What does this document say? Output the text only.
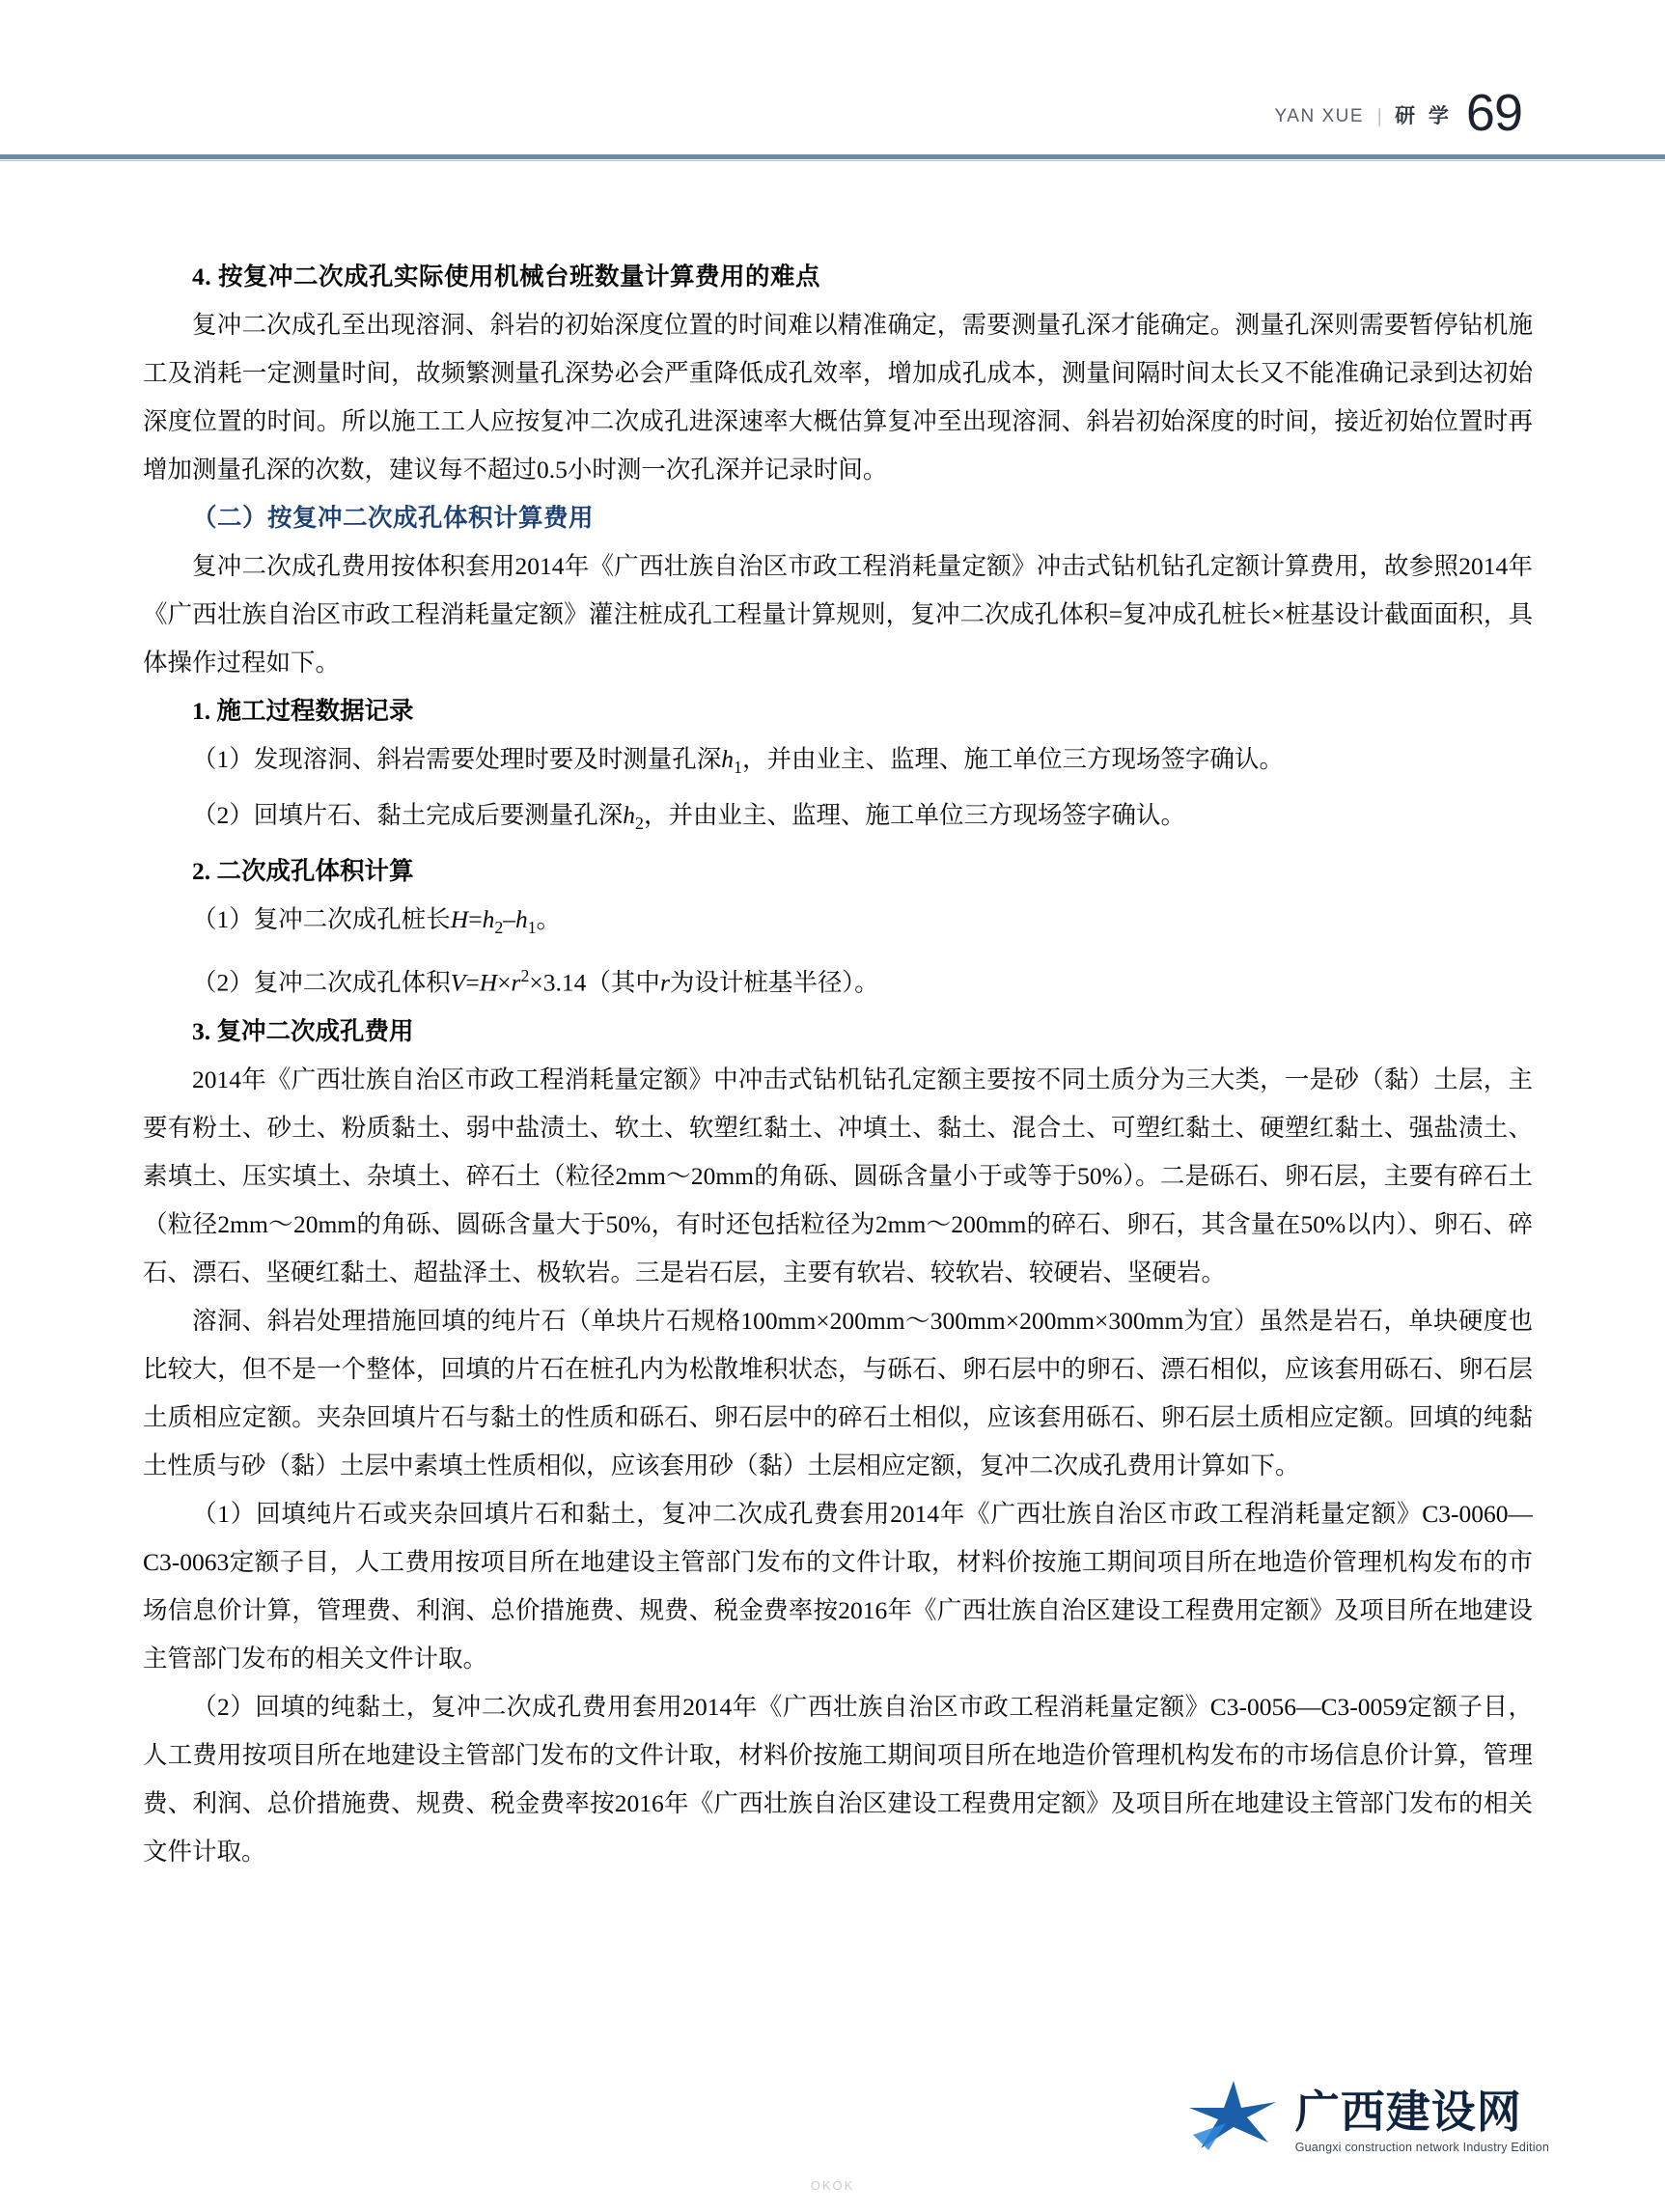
YAN XUE | 研 学 69

4. 按复冲二次成孔实际使用机械台班数量计算费用的难点

复冲二次成孔至出现溶洞、斜岩的初始深度位置的时间难以精准确定，需要测量孔深才能确定。测量孔深则需要暂停钻机施工及消耗一定测量时间，故频繁测量孔深势必会严重降低成孔效率，增加成孔成本，测量间隔时间太长又不能准确记录到达初始深度位置的时间。所以施工工人应按复冲二次成孔进深速率大概估算复冲至出现溶洞、斜岩初始深度的时间，接近初始位置时再增加测量孔深的次数，建议每不超过0.5小时测一次孔深并记录时间。

（二）按复冲二次成孔体积计算费用

复冲二次成孔费用按体积套用2014年《广西壮族自治区市政工程消耗量定额》冲击式钻机钻孔定额计算费用，故参照2014年《广西壮族自治区市政工程消耗量定额》灌注桩成孔工程量计算规则，复冲二次成孔体积=复冲成孔桩长×桩基设计截面面积，具体操作过程如下。

1. 施工过程数据记录

（1）发现溶洞、斜岩需要处理时要及时测量孔深$h_1$，并由业主、监理、施工单位三方现场签字确认。

（2）回填片石、黏土完成后要测量孔深$h_2$，并由业主、监理、施工单位三方现场签字确认。

2. 二次成孔体积计算

（1）复冲二次成孔桩长$H=h_2-h_1$。

（2）复冲二次成孔体积$V=H\times r^2\times 3.14$（其中r为设计桩基半径）。

3. 复冲二次成孔费用

2014年《广西壮族自治区市政工程消耗量定额》中冲击式钻机钻孔定额主要按不同土质分为三大类，一是砂（黏）土层，主要有粉土、砂土、粉质黏土、弱中盐渍土、软土、软塑红黏土、冲填土、黏土、混合土、可塑红黏土、硬塑红黏土、强盐渍土、素填土、压实填土、杂填土、碎石土（粒径2mm～20mm的角砾、圆砾含量小于或等于50%）。二是砾石、卵石层，主要有碎石土（粒径2mm～20mm的角砾、圆砾含量大于50%，有时还包括粒径为2mm～200mm的碎石、卵石，其含量在50%以内）、卵石、碎石、漂石、坚硬红黏土、超盐泽土、极软岩。三是岩石层，主要有软岩、较软岩、较硬岩、坚硬岩。

溶洞、斜岩处理措施回填的纯片石（单块片石规格100mm×200mm～300mm×200mm×300mm为宜）虽然是岩石，单块硬度也比较大，但不是一个整体，回填的片石在桩孔内为松散堆积状态，与砾石、卵石层中的卵石、漂石相似，应该套用砾石、卵石层土质相应定额。夹杂回填片石与黏土的性质和砾石、卵石层中的碎石土相似，应该套用砾石、卵石层土质相应定额。回填的纯黏土性质与砂（黏）土层中素填土性质相似，应该套用砂（黏）土层相应定额，复冲二次成孔费用计算如下。

（1）回填纯片石或夹杂回填片石和黏土，复冲二次成孔费套用2014年《广西壮族自治区市政工程消耗量定额》C3-0060—C3-0063定额子目，人工费用按项目所在地建设主管部门发布的文件计取，材料价按施工期间项目所在地造价管理机构发布的市场信息价计算，管理费、利润、总价措施费、规费、税金费率按2016年《广西壮族自治区建设工程费用定额》及项目所在地建设主管部门发布的相关文件计取。

（2）回填的纯黏土，复冲二次成孔费用套用2014年《广西壮族自治区市政工程消耗量定额》C3-0056—C3-0059定额子目，人工费用按项目所在地建设主管部门发布的文件计取，材料价按施工期间项目所在地造价管理机构发布的市场信息价计算，管理费、利润、总价措施费、规费、税金费率按2016年《广西壮族自治区建设工程费用定额》及项目所在地建设主管部门发布的相关文件计取。

广西建设网
Guangxi construction network Industry Edition
OKOK
